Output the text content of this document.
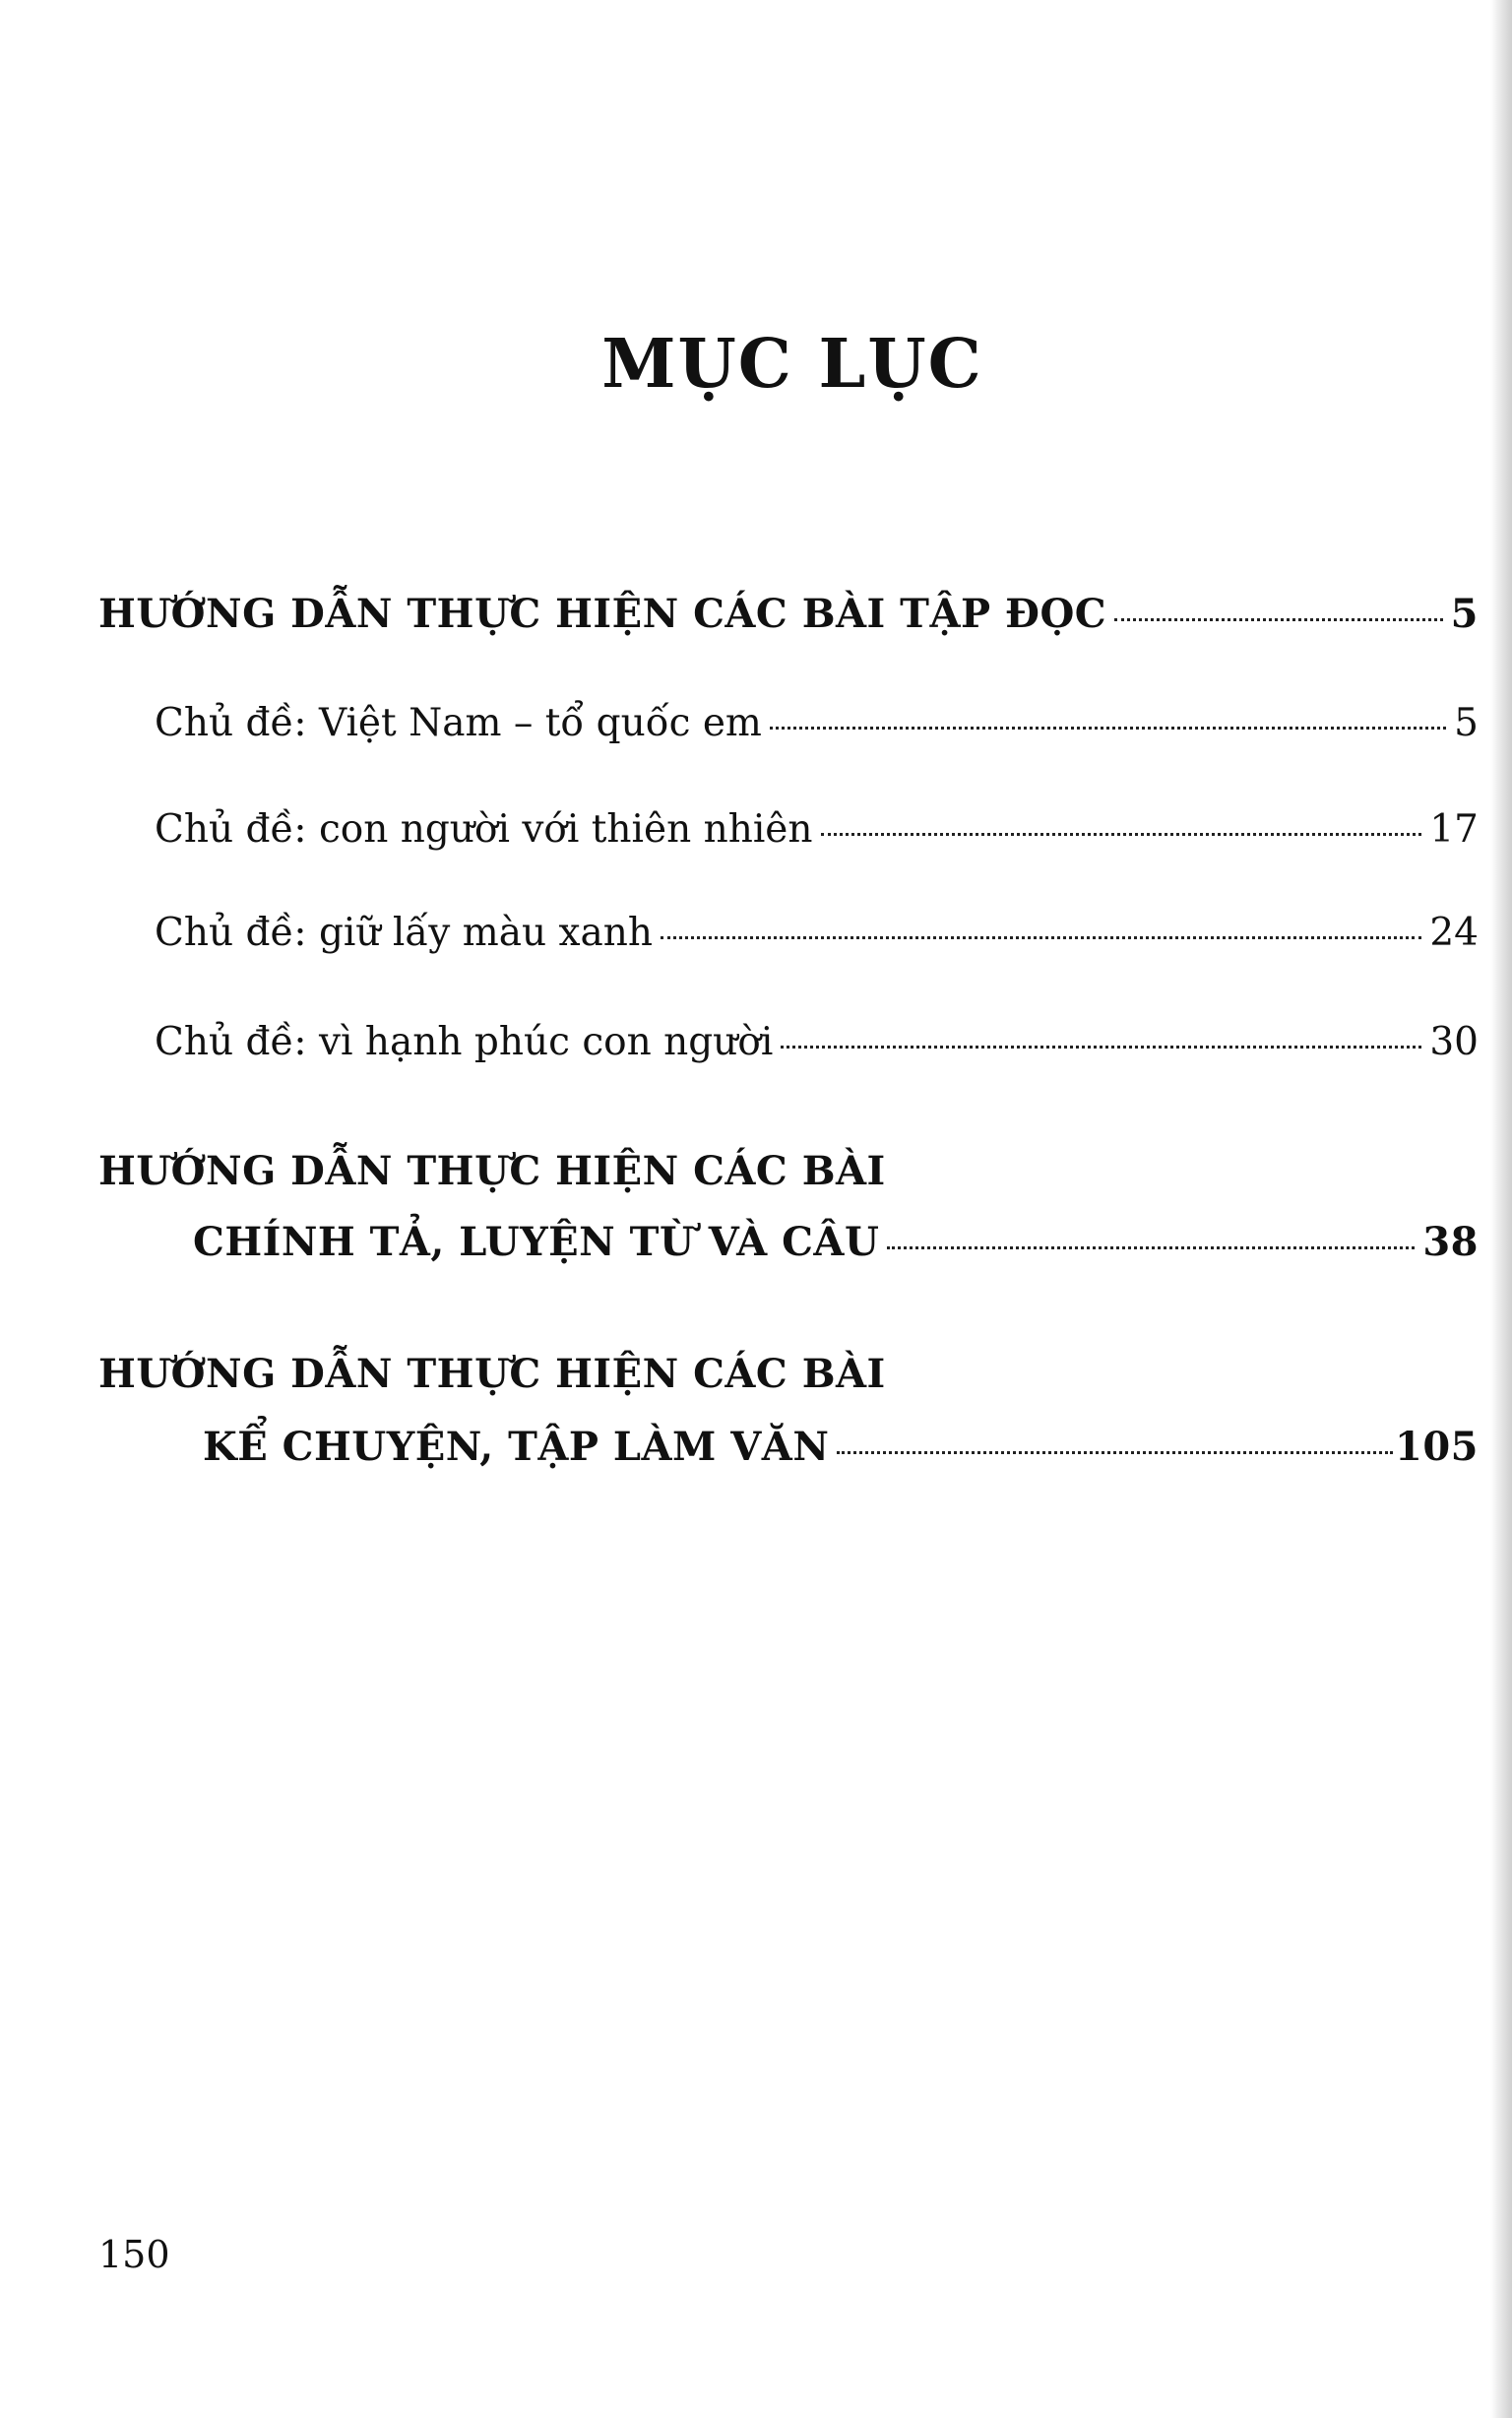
MỤC LỤC
HƯỚNG DẪN THỰC HIỆN CÁC BÀI TẬP ĐỌC	5
Chủ đề: Việt Nam – tổ quốc em	5
Chủ đề: con người với thiên nhiên	17
Chủ đề: giữ lấy màu xanh	24
Chủ đề: vì hạnh phúc con người	30
HƯỚNG DẪN THỰC HIỆN CÁC BÀI
CHÍNH TẢ, LUYỆN TỪ VÀ CÂU	38
HƯỚNG DẪN THỰC HIỆN CÁC BÀI
KỂ CHUYỆN, TẬP LÀM VĂN	105
150
